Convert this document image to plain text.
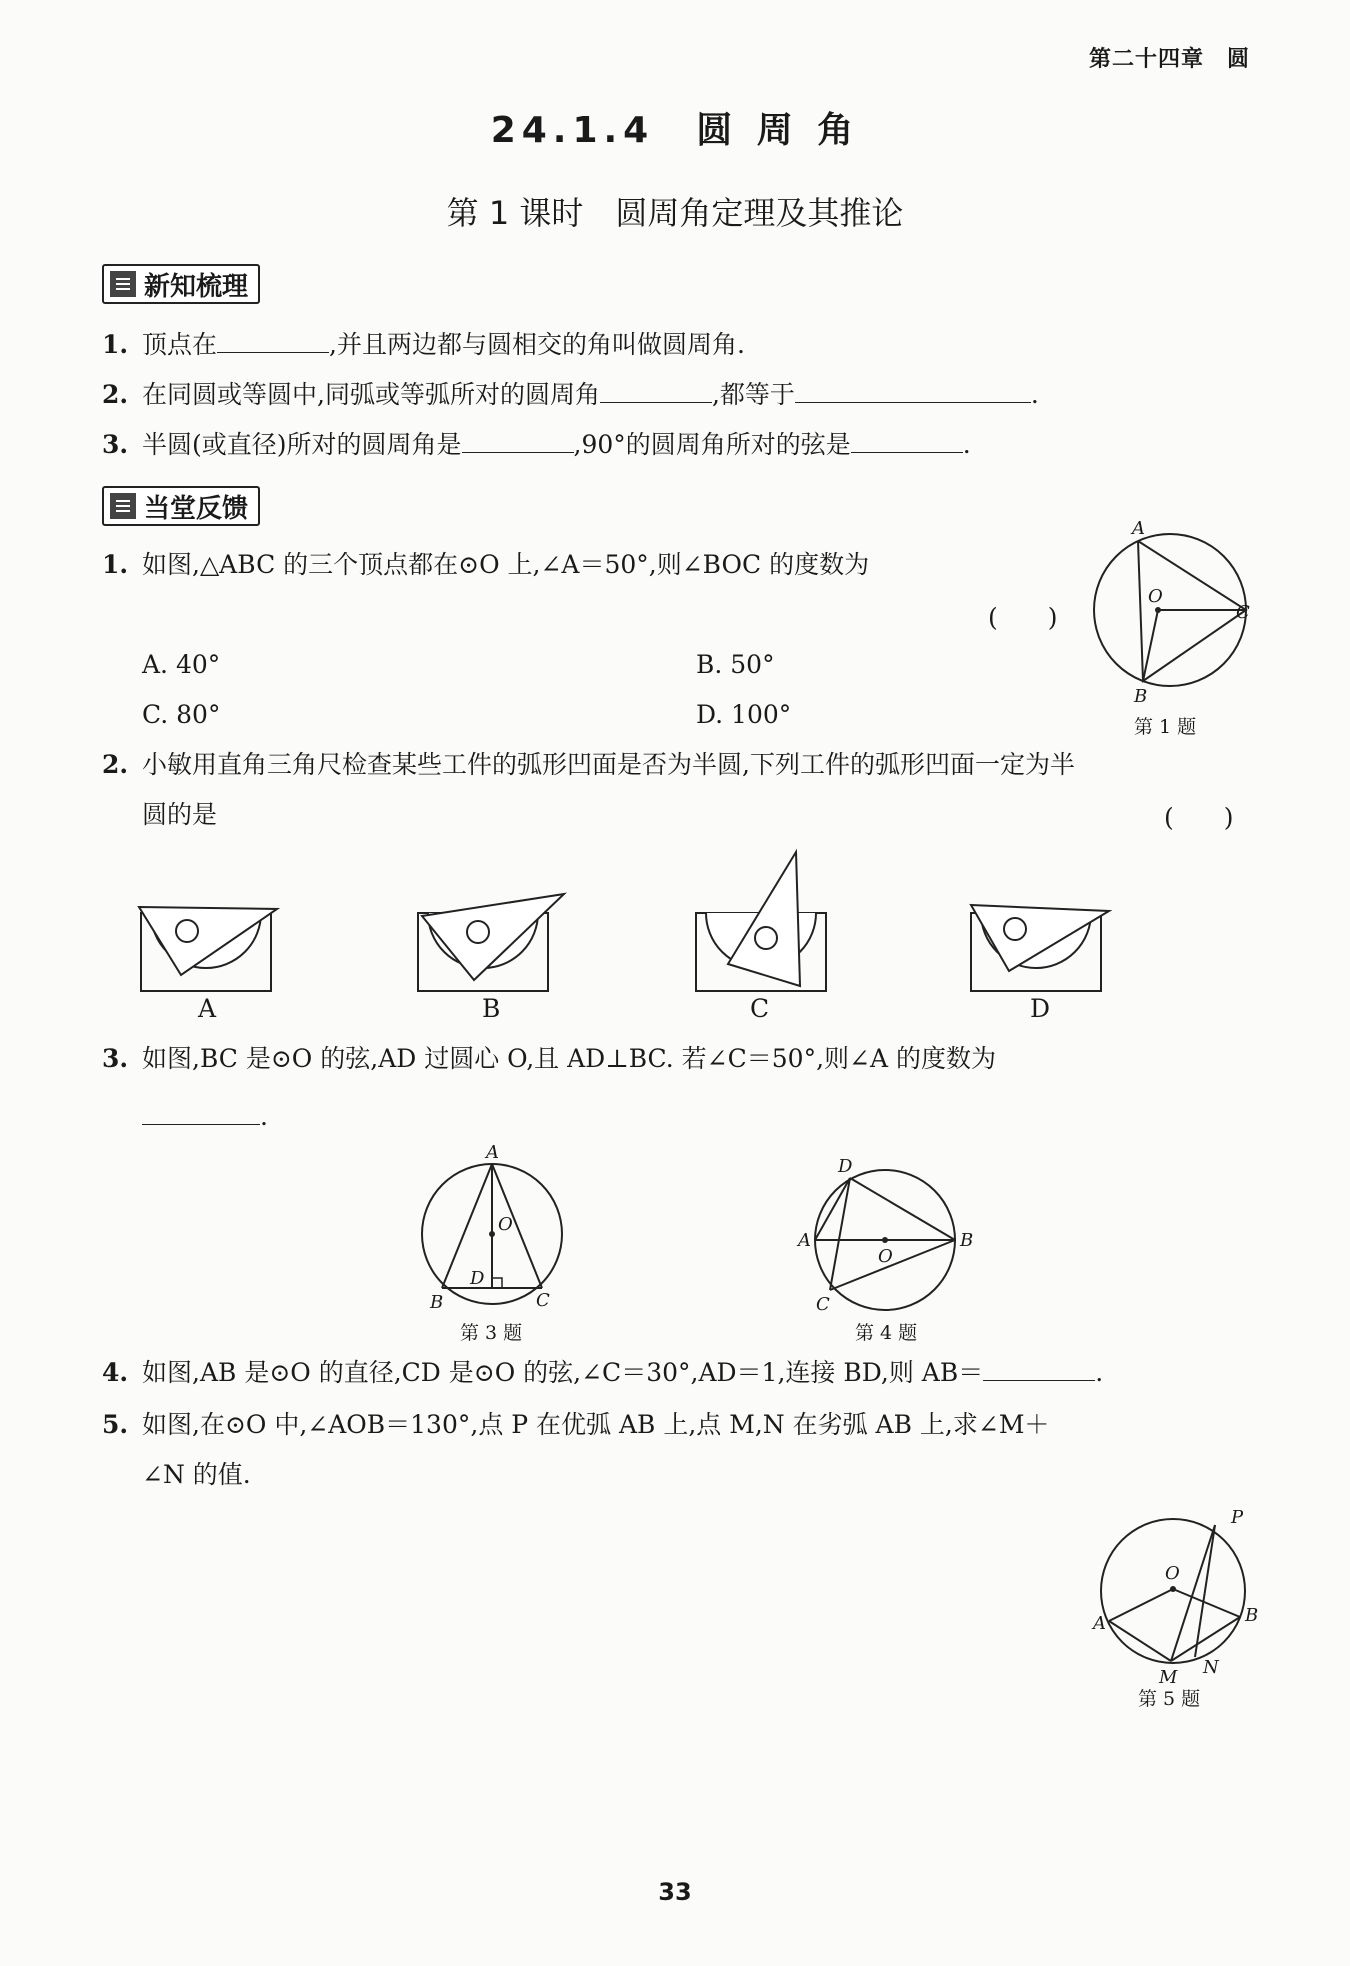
第二十四章　圆
24.1.4　圆 周 角
第 1 课时　圆周角定理及其推论
新知梳理
1. 顶点在	,并且两边都与圆相交的角叫做圆周角.
2. 在同圆或等圆中,同弧或等弧所对的圆周角	,都等于	.
3. 半圆(或直径)所对的圆周角是	,90°的圆周角所对的弦是	.
当堂反馈
1. 如图,△ABC 的三个顶点都在⊙O 上,∠A＝50°,则∠BOC 的度数为
(　　)
A. 40°	B. 50°
C. 80°	D. 100°
A
O
C
B
第 1 题
2. 小敏用直角三角尺检查某些工件的弧形凹面是否为半圆,下列工件的弧形凹面一定为半
圆的是	(　　)
A	B	C	D
3. 如图,BC 是⊙O 的弦,AD 过圆心 O,且 AD⊥BC. 若∠C＝50°,则∠A 的度数为
.
A
O
D
B	C
第 3 题
D
A
O
B
C
第 4 题
4. 如图,AB 是⊙O 的直径,CD 是⊙O 的弦,∠C＝30°,AD＝1,连接 BD,则 AB＝	.
5. 如图,在⊙O 中,∠AOB＝130°,点 P 在优弧 AB 上,点 M,N 在劣弧 AB 上,求∠M＋
∠N 的值.
P
O
A	B
M N
第 5 题
33
